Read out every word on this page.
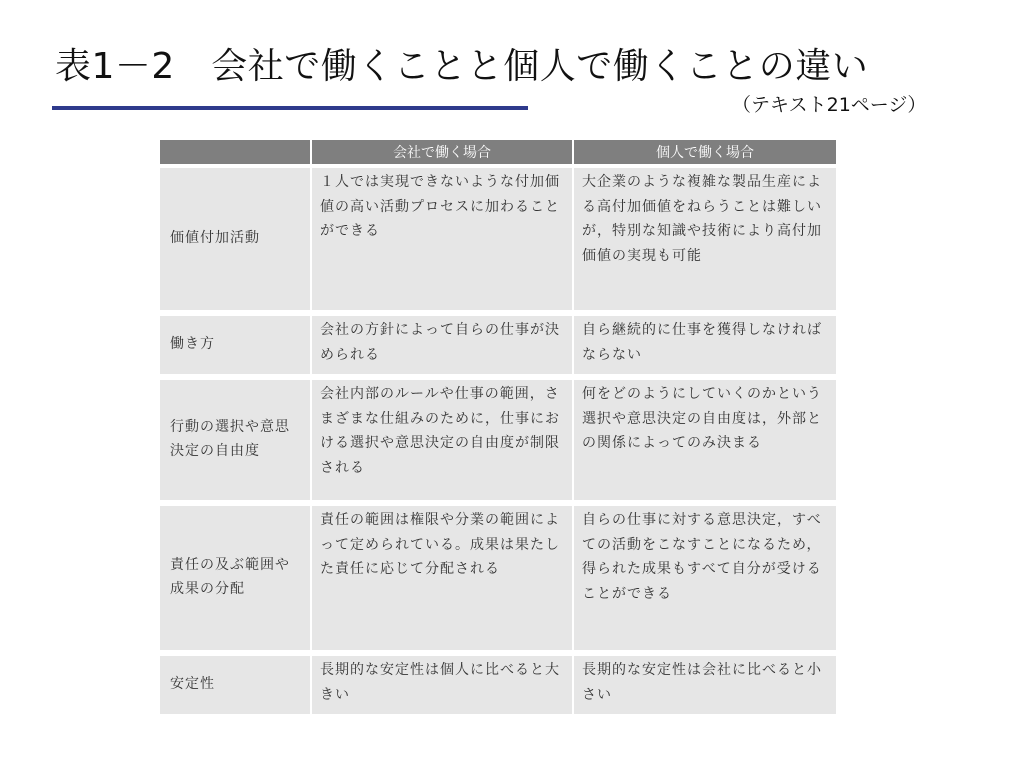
表1－2　会社で働くことと個人で働くことの違い
（テキスト21ページ）
	会社で働く場合	個人で働く場合
価値付加活動	１人では実現できないような付加価値の高い活動プロセスに加わることができる	大企業のような複雑な製品生産による高付加価値をねらうことは難しいが，特別な知識や技術により高付加価値の実現も可能
働き方	会社の方針によって自らの仕事が決められる	自ら継続的に仕事を獲得しなければならない
行動の選択や意思決定の自由度	会社内部のルールや仕事の範囲，さまざまな仕組みのために，仕事における選択や意思決定の自由度が制限される	何をどのようにしていくのかという選択や意思決定の自由度は，外部との関係によってのみ決まる
責任の及ぶ範囲や成果の分配	責任の範囲は権限や分業の範囲によって定められている。成果は果たした責任に応じて分配される	自らの仕事に対する意思決定，すべての活動をこなすことになるため，得られた成果もすべて自分が受けることができる
安定性	長期的な安定性は個人に比べると大きい	長期的な安定性は会社に比べると小さい
